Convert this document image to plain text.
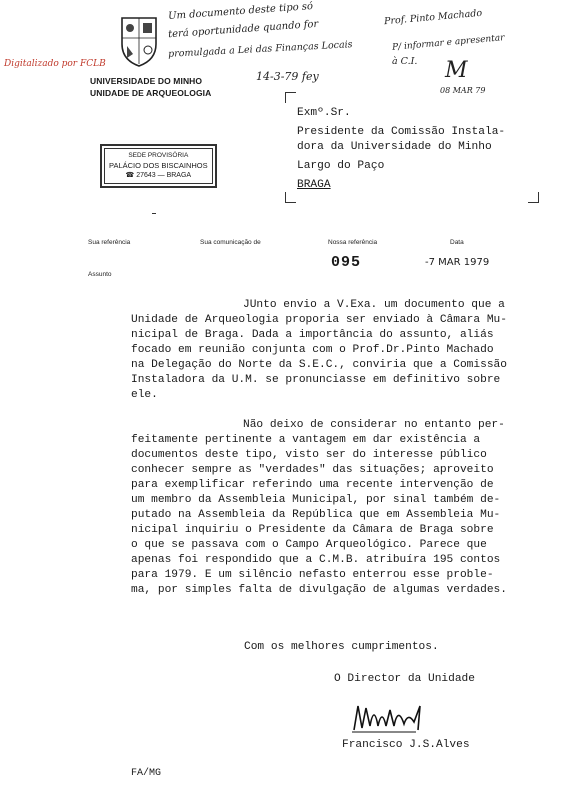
Digitalizado por FCLB
UNIVERSIDADE DO MINHO
UNIDADE DE ARQUEOLOGIA
Um documento deste tipo só
terá oportunidade quando for
promulgada a Lei das Finanças Locais
14-3-79 fey
Prof. Pinto Machado
P/ informar e apresentar
à C.I. M
08 MAR 79
Exmº.Sr.
Presidente da Comissão Instala-
dora da Universidade do Minho
Largo do Paço
BRAGA
SEDE PROVISÓRIA
PALÁCIO DOS BISCAINHOS
☎ 27643 — BRAGA
Sua referência	Sua comunicação de	Nossa referência	Data
Assunto
095	-7 MAR 1979

JUnto envio a V.Exa. um documento que a

Unidade de Arqueologia proporia ser enviado à Câmara Mu-

nicipal de Braga. Dada a importância do assunto, aliás

focado em reunião conjunta com o Prof.Dr.Pinto Machado

na Delegação do Norte da S.E.C., conviria que a Comissão

Instaladora da U.M. se pronunciasse em definitivo sobre

ele.

Não deixo de considerar no entanto per-

feitamente pertinente a vantagem em dar existência a

documentos deste tipo, visto ser do interesse público

conhecer sempre as "verdades" das situações; aproveito

para exemplificar referindo uma recente intervenção de

um membro da Assembleia Municipal, por sinal também de-

putado na Assembleia da República que em Assembleia Mu-

nicipal inquiriu o Presidente da Câmara de Braga sobre

o que se passava com o Campo Arqueológico. Parece que

apenas foi respondido que a C.M.B. atribuíra 195 contos

para 1979. E um silêncio nefasto enterrou esse proble-

ma, por simples falta de divulgação de algumas verdades.

Com os melhores cumprimentos.
O Director da Unidade
Francisco J.S.Alves
FA/MG
